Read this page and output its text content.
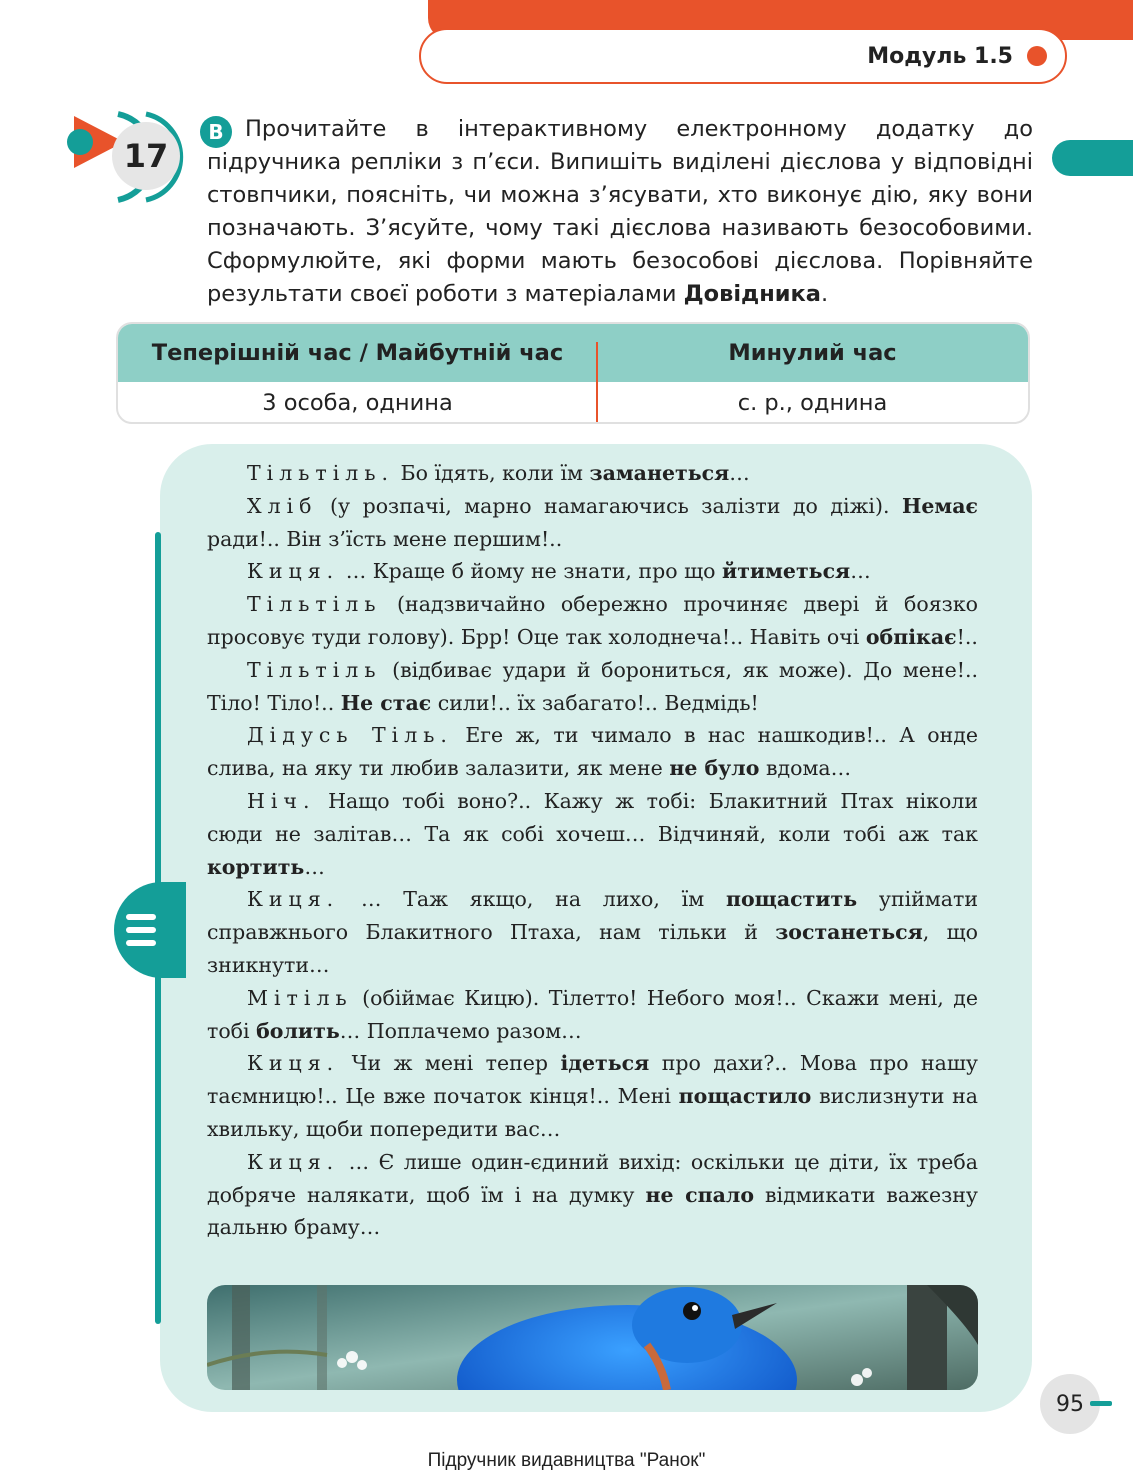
Модуль 1.5
17
В Прочитайте в інтерактивному електронному додатку до підручника репліки з п’єси. Випишіть виділені дієслова у відповідні стовпчики, поясніть, чи можна з’ясувати, хто виконує дію, яку вони позначають. З’ясуйте, чому такі дієслова називають безособовими. Сформулюйте, які форми мають безособові дієслова. Порівняйте результати своєї роботи з матеріалами Довідника.

Теперішній час / Майбутній час	Минулий час
3 особа, однина	с. р., однина

Тільтіль. Бо їдять, коли їм заманеться…

Хліб (у розпачі, марно намагаючись залізти до діжі). Немає ради!.. Він з’їсть мене першим!..

Киця. … Краще б йому не знати, про що йтиметься…

Тільтіль (надзвичайно обережно прочиняє двері й боязко просовує туди голову). Брр! Оце так холоднеча!.. Навіть очі обпікає!..

Тільтіль (відбиває удари й борониться, як може). До мене!.. Тіло! Тіло!.. Не стає сили!.. їх забагато!.. Ведмідь!

Дідусь Тіль. Еге ж, ти чимало в нас нашкодив!.. А онде слива, на яку ти любив залазити, як мене не було вдома…

Ніч. Нащо тобі воно?.. Кажу ж тобі: Блакитний Птах ніколи сюди не залітав… Та як собі хочеш… Відчиняй, коли тобі аж так кортить…

Киця. … Таж якщо, на лихо, їм пощастить упіймати справжнього Блакитного Птаха, нам тільки й зостанеться, що зникнути…

Мітіль (обіймає Кицю). Тілетто! Небого моя!.. Скажи мені, де тобі болить… Поплачемо разом…

Киця. Чи ж мені тепер ідеться про дахи?.. Мова про нашу таємницю!.. Це вже початок кінця!.. Мені пощастило вислизнути на хвильку, щоби попередити вас…

Киця. … Є лише один-єдиний вихід: оскільки це діти, їх треба добряче налякати, щоб їм і на думку не спало відмикати важезну дальню браму…

95
Підручник видавництва "Ранок"
